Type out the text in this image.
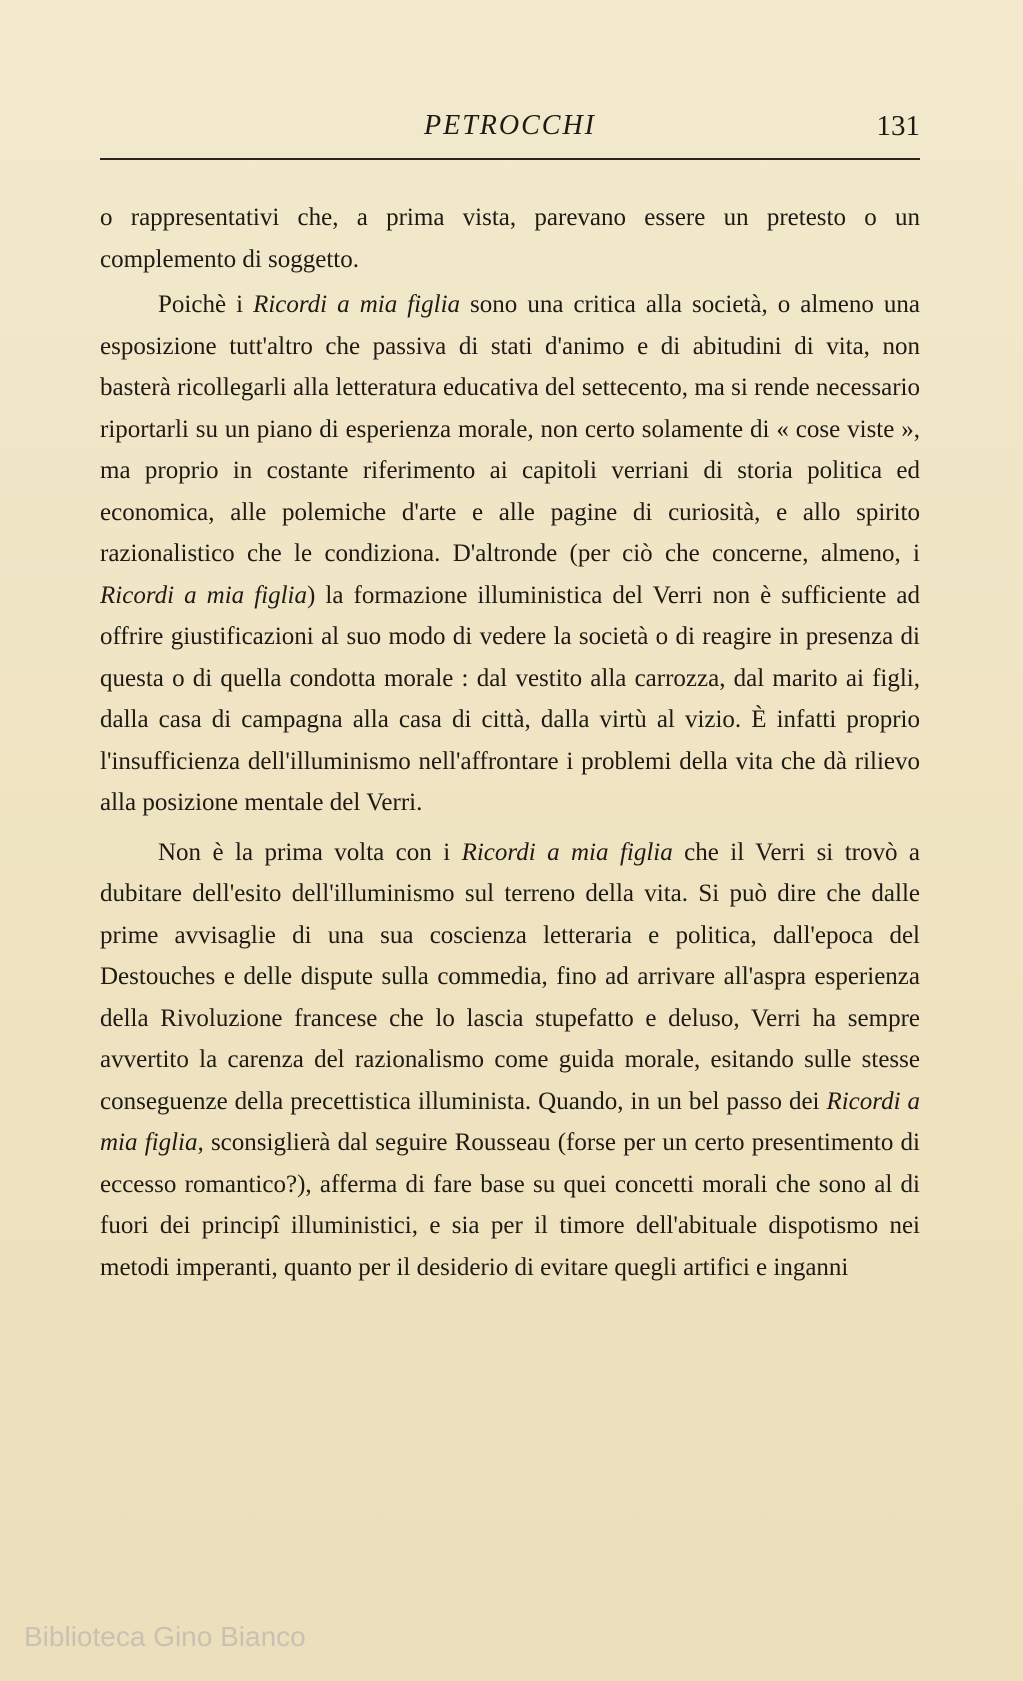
PETROCCHI	131

o rappresentativi che, a prima vista, parevano essere un pretesto o un complemento di soggetto.

Poichè i Ricordi a mia figlia sono una critica alla società, o almeno una esposizione tutt'altro che passiva di stati d'animo e di abitudini di vita, non basterà ricollegarli alla letteratura educativa del settecento, ma si rende necessario riportarli su un piano di esperienza morale, non certo solamente di « cose viste », ma proprio in costante riferimento ai capitoli verriani di storia politica ed economica, alle polemiche d'arte e alle pagine di curiosità, e allo spirito razionalistico che le condiziona. D'altronde (per ciò che concerne, almeno, i Ricordi a mia figlia) la formazione illuministica del Verri non è sufficiente ad offrire giustificazioni al suo modo di vedere la società o di reagire in presenza di questa o di quella condotta morale : dal vestito alla carrozza, dal marito ai figli, dalla casa di campagna alla casa di città, dalla virtù al vizio. È infatti proprio l'insufficienza dell'illuminismo nell'affrontare i problemi della vita che dà rilievo alla posizione mentale del Verri.

Non è la prima volta con i Ricordi a mia figlia che il Verri si trovò a dubitare dell'esito dell'illuminismo sul terreno della vita. Si può dire che dalle prime avvisaglie di una sua coscienza letteraria e politica, dall'epoca del Destouches e delle dispute sulla commedia, fino ad arrivare all'aspra esperienza della Rivoluzione francese che lo lascia stupefatto e deluso, Verri ha sempre avvertito la carenza del razionalismo come guida morale, esitando sulle stesse conseguenze della precettistica illuminista. Quando, in un bel passo dei Ricordi a mia figlia, sconsiglierà dal seguire Rousseau (forse per un certo presentimento di eccesso romantico?), afferma di fare base su quei concetti morali che sono al di fuori dei principî illuministici, e sia per il timore dell'abituale dispotismo nei metodi imperanti, quanto per il desiderio di evitare quegli artifici e inganni

Biblioteca Gino Bianco
